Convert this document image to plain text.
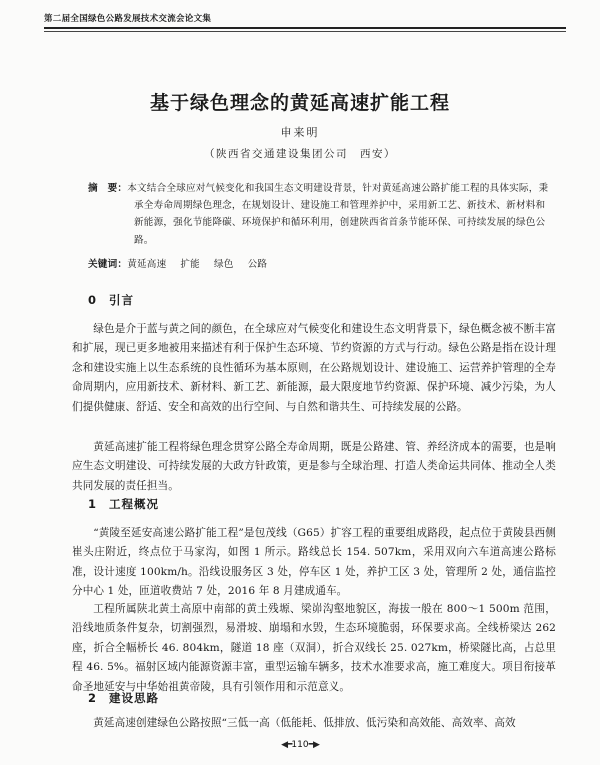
第二届全国绿色公路发展技术交流会论文集
基于绿色理念的黄延高速扩能工程
申来明
（陕西省交通建设集团公司　西安）
摘　要：本文结合全球应对气候变化和我国生态文明建设背景，针对黄延高速公路扩能工程的具体实际，秉承全寿命周期绿色理念，在规划设计、建设施工和管理养护中，采用新工艺、新技术、新材料和新能源，强化节能降碳、环境保护和循环利用，创建陕西省首条节能环保、可持续发展的绿色公路。
关键词：黄延高速 扩能 绿色 公路
0 引言
绿色是介于蓝与黄之间的颜色，在全球应对气候变化和建设生态文明背景下，绿色概念被不断丰富和扩展，现已更多地被用来描述有利于保护生态环境、节约资源的方式与行动。绿色公路是指在设计理念和建设实施上以生态系统的良性循环为基本原则，在公路规划设计、建设施工、运营养护管理的全寿命周期内，应用新技术、新材料、新工艺、新能源，最大限度地节约资源、保护环境、减少污染，为人们提供健康、舒适、安全和高效的出行空间、与自然和谐共生、可持续发展的公路。
黄延高速扩能工程将绿色理念贯穿公路全寿命周期，既是公路建、管、养经济成本的需要，也是响应生态文明建设、可持续发展的大政方针政策，更是参与全球治理、打造人类命运共同体、推动全人类共同发展的责任担当。
1 工程概况
“黄陵至延安高速公路扩能工程”是包茂线（G65）扩容工程的重要组成路段，起点位于黄陵县西侧崔头庄附近，终点位于马家沟，如图 1 所示。路线总长 154. 507km，采用双向六车道高速公路标准，设计速度 100km/h。沿线设服务区 3 处，停车区 1 处，养护工区 3 处，管理所 2 处，通信监控分中心 1 处，匝道收费站 7 处，2016 年 8 月建成通车。
工程所属陕北黄土高原中南部的黄土残塬、梁峁沟壑地貌区，海拔一般在 800～1 500m 范围，沿线地质条件复杂，切割强烈，易滑坡、崩塌和水毁，生态环境脆弱，环保要求高。全线桥梁达 262 座，折合全幅桥长 46. 804km，隧道 18 座（双洞），折合双线长 25. 027km，桥梁隧比高，占总里程 46. 5%。福射区域内能源资源丰富，重型运输车辆多，技术水准要求高，施工难度大。项目衔接革命圣地延安与中华始祖黄帝陵，具有引领作用和示范意义。
2 建设思路
黄延高速创建绿色公路按照“三低一高（低能耗、低排放、低污染和高效能、高效率、高效
◀━110━▶
